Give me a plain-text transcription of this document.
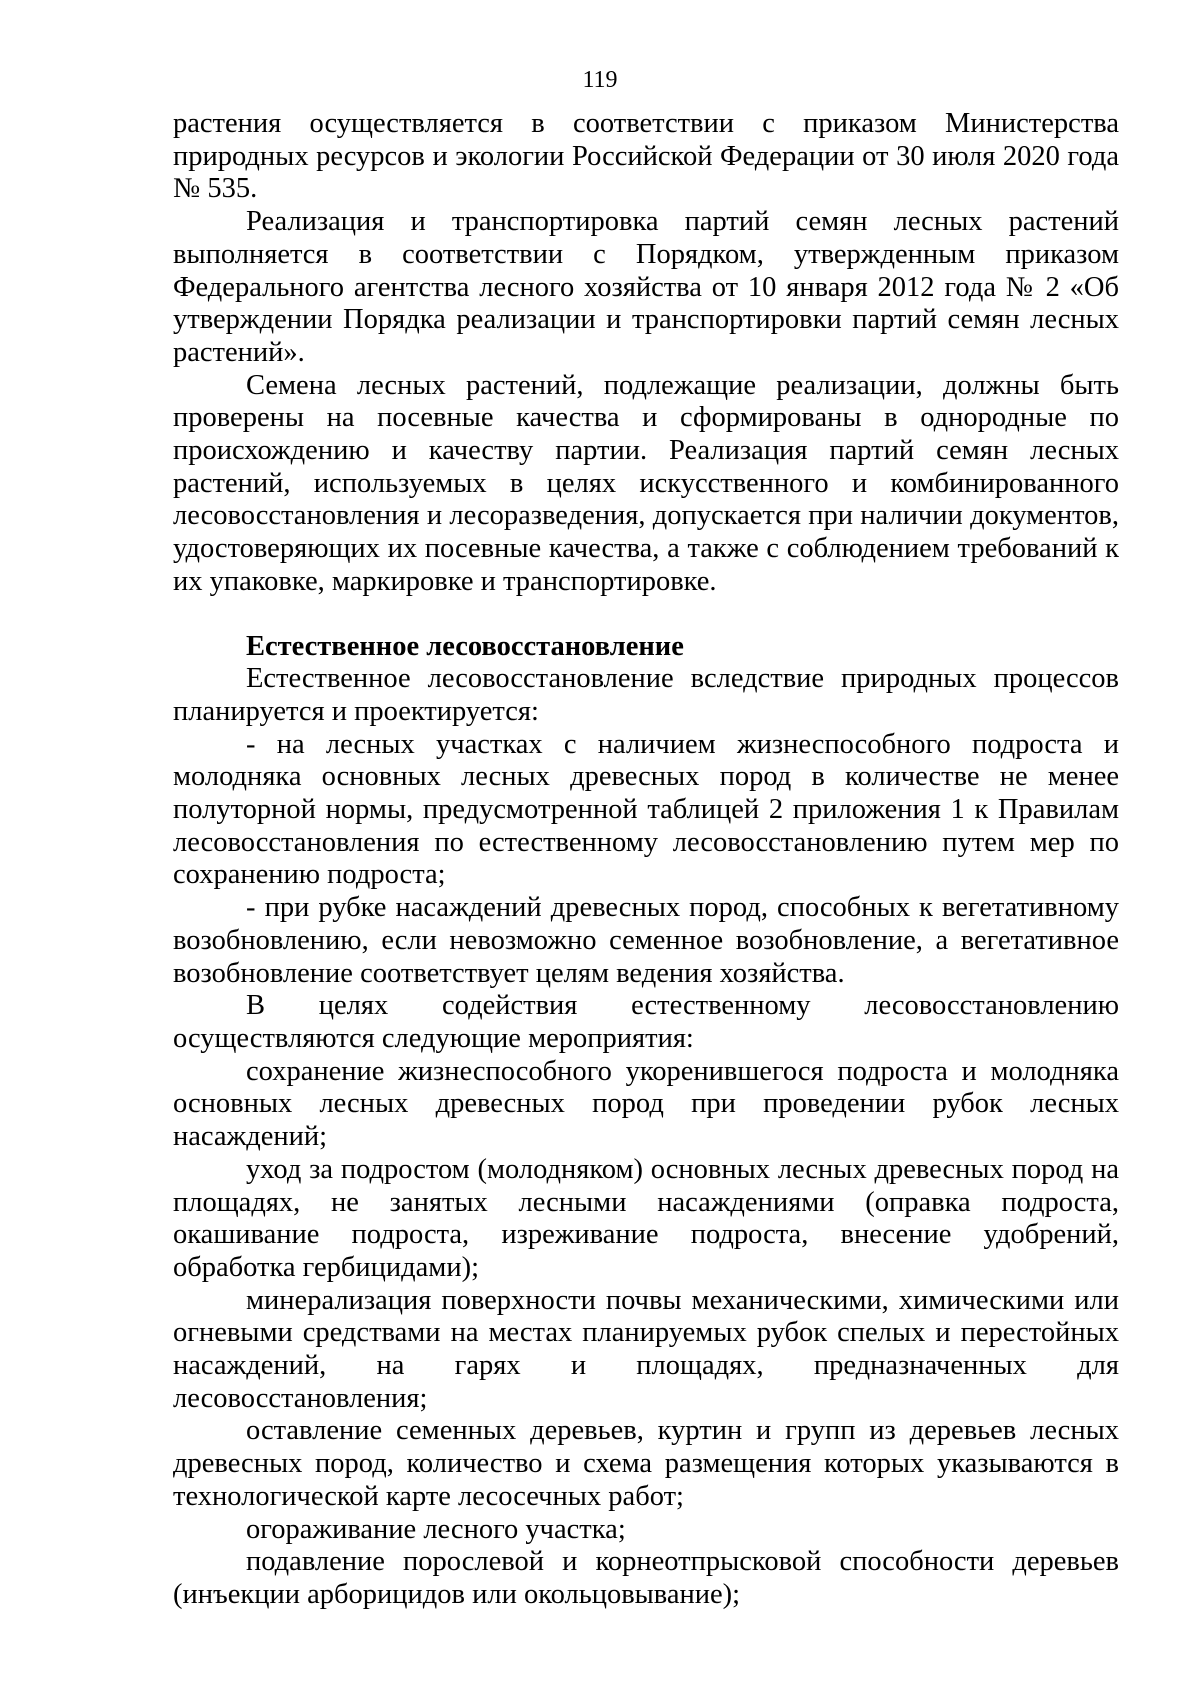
119

растения осуществляется в соответствии с приказом Министерства природных ресурсов и экологии Российской Федерации от 30 июля 2020 года № 535.

Реализация и транспортировка партий семян лесных растений выполняется в соответствии с Порядком, утвержденным приказом Федерального агентства лесного хозяйства от 10 января 2012 года № 2 «Об утверждении Порядка реализации и транспортировки партий семян лесных растений».

Семена лесных растений, подлежащие реализации, должны быть проверены на посевные качества и сформированы в однородные по происхождению и качеству партии. Реализация партий семян лесных растений, используемых в целях искусственного и комбинированного лесовосстановления и лесоразведения, допускается при наличии документов, удостоверяющих их посевные качества, а также с соблюдением требований к их упаковке, маркировке и транспортировке.

Естественное лесовосстановление

Естественное лесовосстановление вследствие природных процессов планируется и проектируется:

- на лесных участках с наличием жизнеспособного подроста и молодняка основных лесных древесных пород в количестве не менее полуторной нормы, предусмотренной таблицей 2 приложения 1 к Правилам лесовосстановления по естественному лесовосстановлению путем мер по сохранению подроста;

- при рубке насаждений древесных пород, способных к вегетативному возобновлению, если невозможно семенное возобновление, а вегетативное возобновление соответствует целям ведения хозяйства.

В целях содействия естественному лесовосстановлению осуществляются следующие мероприятия:

сохранение жизнеспособного укоренившегося подроста и молодняка основных лесных древесных пород при проведении рубок лесных насаждений;

уход за подростом (молодняком) основных лесных древесных пород на площадях, не занятых лесными насаждениями (оправка подроста, окашивание подроста, изреживание подроста, внесение удобрений, обработка гербицидами);

минерализация поверхности почвы механическими, химическими или огневыми средствами на местах планируемых рубок спелых и перестойных насаждений, на гарях и площадях, предназначенных для лесовосстановления;

оставление семенных деревьев, куртин и групп из деревьев лесных древесных пород, количество и схема размещения которых указываются в технологической карте лесосечных работ;

огораживание лесного участка;

подавление порослевой и корнеотпрысковой способности деревьев (инъекции арборицидов или окольцовывание);
